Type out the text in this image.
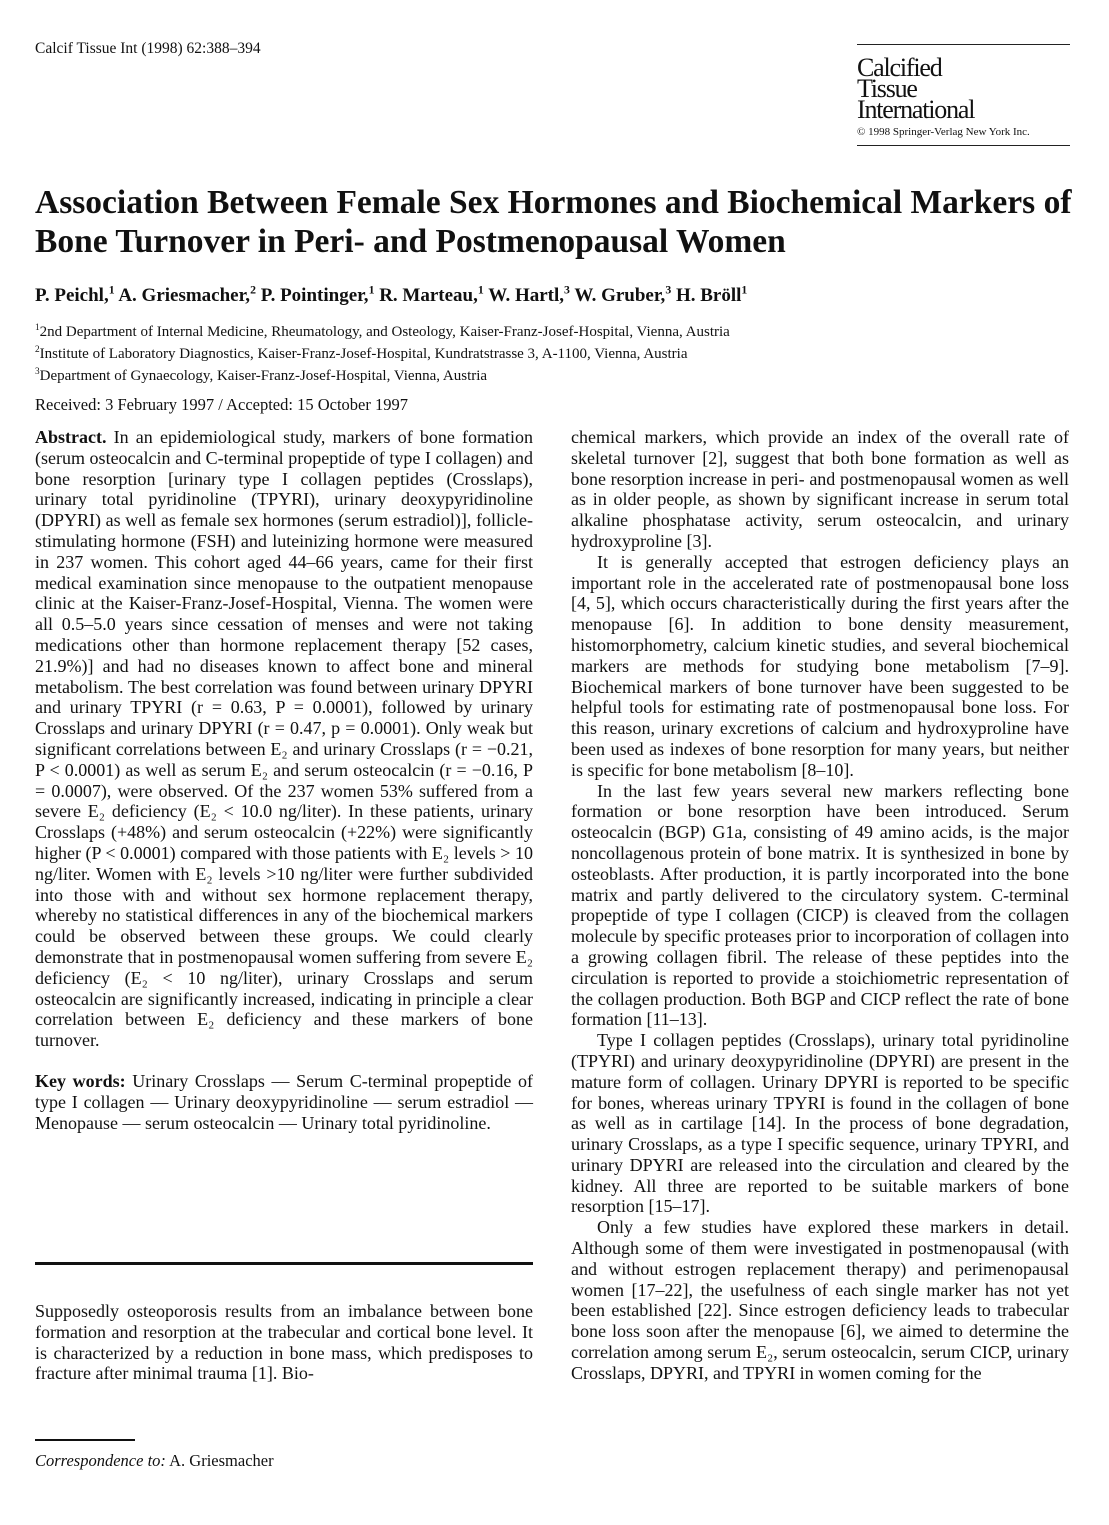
Calcif Tissue Int (1998) 62:388–394
Calcified
Tissue
International
© 1998 Springer-Verlag New York Inc.
Association Between Female Sex Hormones and Biochemical Markers of Bone Turnover in Peri- and Postmenopausal Women
P. Peichl,$^1$ A. Griesmacher,$^2$ P. Pointinger,$^1$ R. Marteau,$^1$ W. Hartl,$^3$ W. Gruber,$^3$ H. Bröll$^1$
$^1$2nd Department of Internal Medicine, Rheumatology, and Osteology, Kaiser-Franz-Josef-Hospital, Vienna, Austria
$^2$Institute of Laboratory Diagnostics, Kaiser-Franz-Josef-Hospital, Kundratstrasse 3, A-1100, Vienna, Austria
$^3$Department of Gynaecology, Kaiser-Franz-Josef-Hospital, Vienna, Austria
Received: 3 February 1997 / Accepted: 15 October 1997

Abstract. In an epidemiological study, markers of bone formation (serum osteocalcin and C-terminal propeptide of type I collagen) and bone resorption [urinary type I collagen peptides (Crosslaps), urinary total pyridinoline (TPYRI), urinary deoxypyridinoline (DPYRI) as well as female sex hormones (serum estradiol)], follicle-stimulating hormone (FSH) and luteinizing hormone were measured in 237 women. This cohort aged 44–66 years, came for their first medical examination since menopause to the outpatient menopause clinic at the Kaiser-Franz-Josef-Hospital, Vienna. The women were all 0.5–5.0 years since cessation of menses and were not taking medications other than hormone replacement therapy [52 cases, 21.9%)] and had no diseases known to affect bone and mineral metabolism. The best correlation was found between urinary DPYRI and urinary TPYRI (r = 0.63, P = 0.0001), followed by urinary Crosslaps and urinary DPYRI (r = 0.47, p = 0.0001). Only weak but significant correlations between E₂ and urinary Crosslaps (r = −0.21, P < 0.0001) as well as serum E₂ and serum osteocalcin (r = −0.16, P = 0.0007), were observed. Of the 237 women 53% suffered from a severe E₂ deficiency (E₂ < 10.0 ng/liter). In these patients, urinary Crosslaps (+48%) and serum osteocalcin (+22%) were significantly higher (P < 0.0001) compared with those patients with E₂ levels > 10 ng/liter. Women with E₂ levels >10 ng/liter were further subdivided into those with and without sex hormone replacement therapy, whereby no statistical differences in any of the biochemical markers could be observed between these groups. We could clearly demonstrate that in postmenopausal women suffering from severe E₂ deficiency (E₂ < 10 ng/liter), urinary Crosslaps and serum osteocalcin are significantly increased, indicating in principle a clear correlation between E₂ deficiency and these markers of bone turnover.

Key words: Urinary Crosslaps — Serum C-terminal propeptide of type I collagen — Urinary deoxypyridinoline — serum estradiol — Menopause — serum osteocalcin — Urinary total pyridinoline.

Supposedly osteoporosis results from an imbalance between bone formation and resorption at the trabecular and cortical bone level. It is characterized by a reduction in bone mass, which predisposes to fracture after minimal trauma [1]. Bio-
Correspondence to: A. Griesmacher

chemical markers, which provide an index of the overall rate of skeletal turnover [2], suggest that both bone formation as well as bone resorption increase in peri- and postmenopausal women as well as in older people, as shown by significant increase in serum total alkaline phosphatase activity, serum osteocalcin, and urinary hydroxyproline [3].

It is generally accepted that estrogen deficiency plays an important role in the accelerated rate of postmenopausal bone loss [4, 5], which occurs characteristically during the first years after the menopause [6]. In addition to bone density measurement, histomorphometry, calcium kinetic studies, and several biochemical markers are methods for studying bone metabolism [7–9]. Biochemical markers of bone turnover have been suggested to be helpful tools for estimating rate of postmenopausal bone loss. For this reason, urinary excretions of calcium and hydroxyproline have been used as indexes of bone resorption for many years, but neither is specific for bone metabolism [8–10].

In the last few years several new markers reflecting bone formation or bone resorption have been introduced. Serum osteocalcin (BGP) G1a, consisting of 49 amino acids, is the major noncollagenous protein of bone matrix. It is synthesized in bone by osteoblasts. After production, it is partly incorporated into the bone matrix and partly delivered to the circulatory system. C-terminal propeptide of type I collagen (CICP) is cleaved from the collagen molecule by specific proteases prior to incorporation of collagen into a growing collagen fibril. The release of these peptides into the circulation is reported to provide a stoichiometric representation of the collagen production. Both BGP and CICP reflect the rate of bone formation [11–13].

Type I collagen peptides (Crosslaps), urinary total pyridinoline (TPYRI) and urinary deoxypyridinoline (DPYRI) are present in the mature form of collagen. Urinary DPYRI is reported to be specific for bones, whereas urinary TPYRI is found in the collagen of bone as well as in cartilage [14]. In the process of bone degradation, urinary Crosslaps, as a type I specific sequence, urinary TPYRI, and urinary DPYRI are released into the circulation and cleared by the kidney. All three are reported to be suitable markers of bone resorption [15–17].

Only a few studies have explored these markers in detail. Although some of them were investigated in postmenopausal (with and without estrogen replacement therapy) and perimenopausal women [17–22], the usefulness of each single marker has not yet been established [22]. Since estrogen deficiency leads to trabecular bone loss soon after the menopause [6], we aimed to determine the correlation among serum E₂, serum osteocalcin, serum CICP, urinary Crosslaps, DPYRI, and TPYRI in women coming for the
